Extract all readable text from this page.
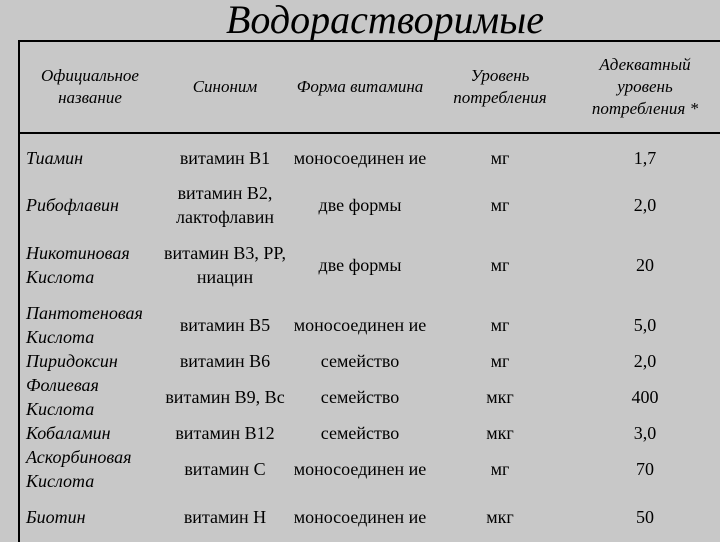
Водорастворимые
Официальное название	Синоним	Форма витамина	Уровень потребления	Адекватный уровень потребления *
Тиамин	витамин B1	моносоединен ие	мг	1,7
Рибофлавин	витамин B2, лактофлавин	две формы	мг	2,0
Никотиновая Кислота	витамин B3, PP, ниацин	две формы	мг	20
Пантотеновая Кислота	витамин B5	моносоединен ие	мг	5,0
Пиридоксин	витамин B6	семейство	мг	2,0
Фолиевая Кислота	витамин B9, Bc	семейство	мкг	400
Кобаламин	витамин B12	семейство	мкг	3,0
Аскорбиновая Кислота	витамин C	моносоединен ие	мг	70
Биотин	витамин H	моносоединен ие	мкг	50
